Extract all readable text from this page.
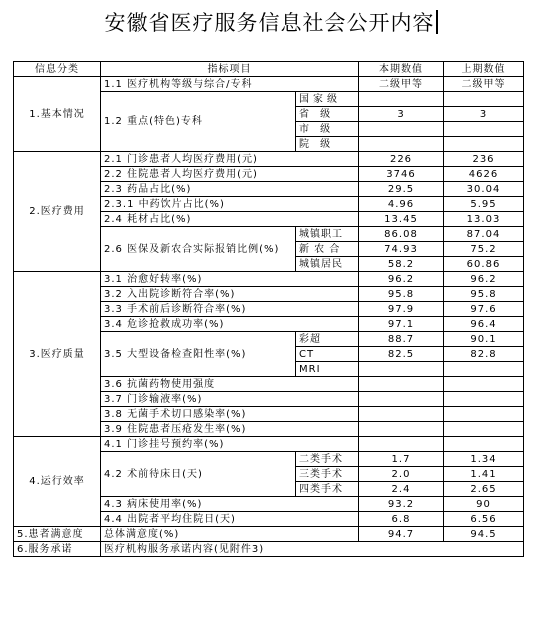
安徽省医疗服务信息社会公开内容
信息分类	指标项目		本期数值	上期数值
1.基本情况	1.1 医疗机构等级与综合/专科		二级甲等	二级甲等
	1.2 重点(特色)专科	国家级		
		省 级	3	3
		市 级		
		院 级		
2.医疗费用	2.1 门诊患者人均医疗费用(元)		226	236
	2.2 住院患者人均医疗费用(元)		3746	4626
	2.3 药品占比(%)		29.5	30.04
	2.3.1 中药饮片占比(%)		4.96	5.95
	2.4 耗材占比(%)		13.45	13.03
	2.6 医保及新农合实际报销比例(%)	城镇职工	86.08	87.04
		新 农 合	74.93	75.2
		城镇居民	58.2	60.86
3.医疗质量	3.1 治愈好转率(%)		96.2	96.2
	3.2 入出院诊断符合率(%)		95.8	95.8
	3.3 手术前后诊断符合率(%)		97.9	97.6
	3.4 危诊抢救成功率(%)		97.1	96.4
	3.5 大型设备检查阳性率(%)	彩超	88.7	90.1
		CT	82.5	82.8
		MRI		
	3.6 抗菌药物使用强度			
	3.7 门诊输液率(%)			
	3.8 无菌手术切口感染率(%)			
	3.9 住院患者压疮发生率(%)			
4.运行效率	4.1 门诊挂号预约率(%)			
	4.2 术前待床日(天)	二类手术	1.7	1.34
		三类手术	2.0	1.41
		四类手术	2.4	2.65
	4.3 病床使用率(%)		93.2	90
	4.4 出院者平均住院日(天)		6.8	6.56
5.患者满意度	总体满意度(%)		94.7	94.5
6.服务承诺	医疗机构服务承诺内容(见附件3)			
